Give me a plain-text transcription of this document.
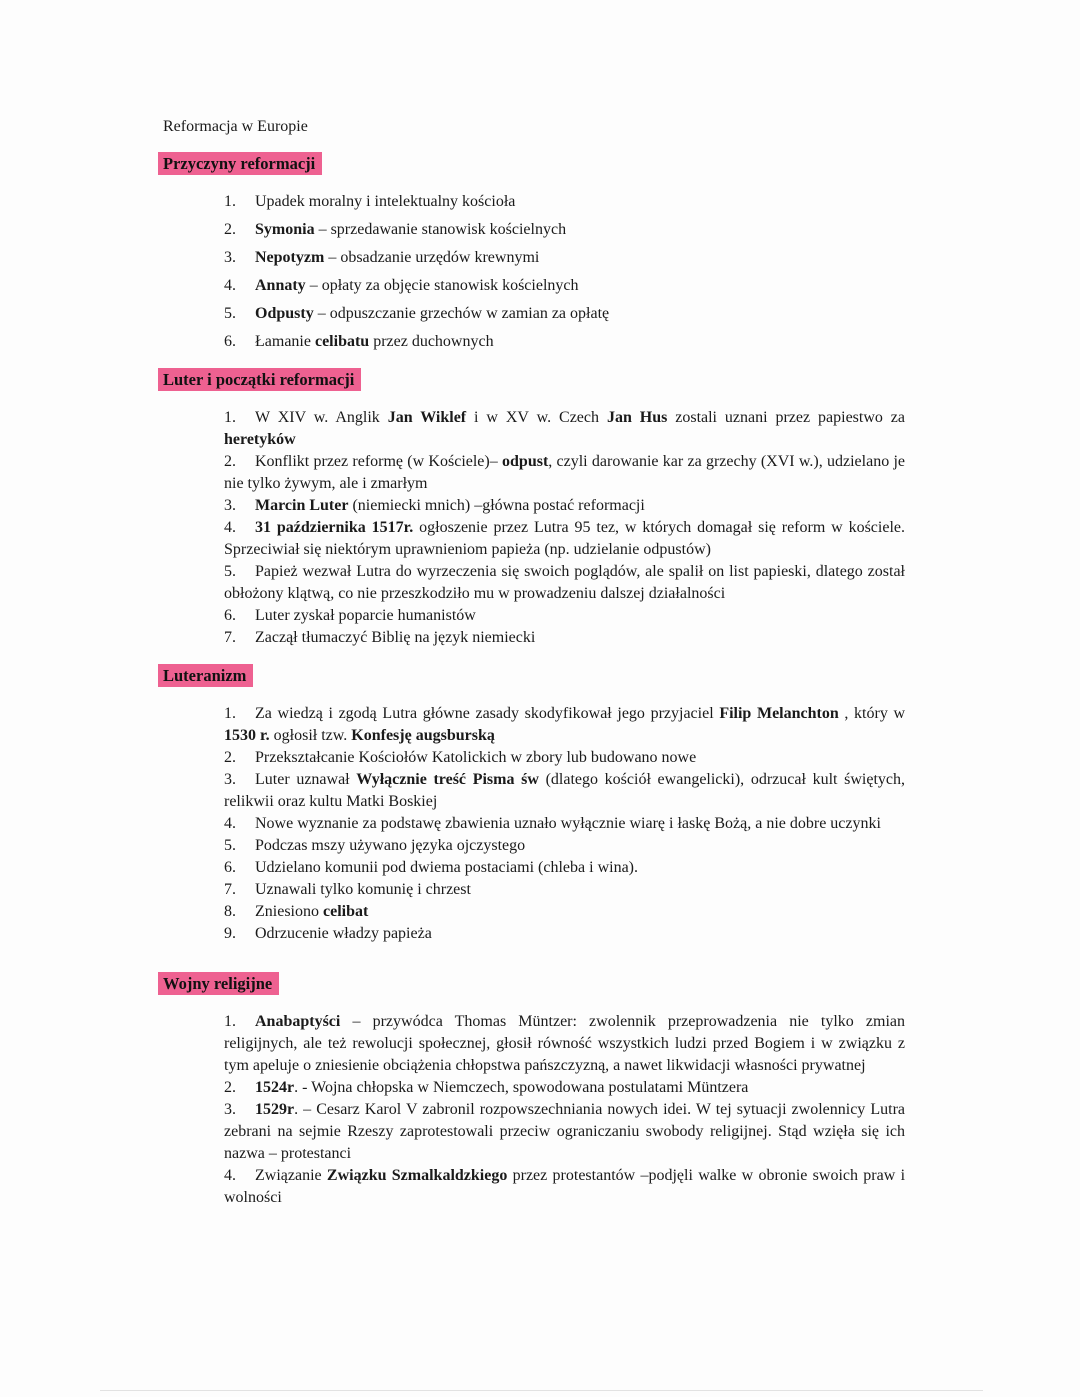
Reformacja w Europie
Przyczyny reformacji
1. Upadek moralny i intelektualny kościoła
2. Symonia – sprzedawanie stanowisk kościelnych
3. Nepotyzm – obsadzanie urzędów krewnymi
4. Annaty – opłaty za objęcie stanowisk kościelnych
5. Odpusty – odpuszczanie grzechów w zamian za opłatę
6. Łamanie celibatu przez duchownych
Luter i początki reformacji
1. W XIV w. Anglik Jan Wiklef i w XV w. Czech Jan Hus zostali uznani przez papiestwo za heretyków
2. Konflikt przez reformę (w Kościele)– odpust, czyli darowanie kar za grzechy (XVI w.), udzielano je nie tylko żywym, ale i zmarłym
3. Marcin Luter (niemiecki mnich) –główna postać reformacji
4. 31 października 1517r. ogłoszenie przez Lutra 95 tez, w których domagał się reform w kościele. Sprzeciwiał się niektórym uprawnieniom papieża (np. udzielanie odpustów)
5. Papież wezwał Lutra do wyrzeczenia się swoich poglądów, ale spalił on list papieski, dlatego został obłożony klątwą, co nie przeszkodziło mu w prowadzeniu dalszej działalności
6. Luter zyskał poparcie humanistów
7. Zaczął tłumaczyć Biblię na język niemiecki
Luteranizm
1. Za wiedzą i zgodą Lutra główne zasady skodyfikował jego przyjaciel Filip Melanchton , który w 1530 r. ogłosił tzw. Konfesję augsburską
2. Przekształcanie Kościołów Katolickich w zbory lub budowano nowe
3. Luter uznawał Wyłącznie treść Pisma św (dlatego kościół ewangelicki), odrzucał kult świętych, relikwii oraz kultu Matki Boskiej
4. Nowe wyznanie za podstawę zbawienia uznało wyłącznie wiarę i łaskę Bożą, a nie dobre uczynki
5. Podczas mszy używano języka ojczystego
6. Udzielano komunii pod dwiema postaciami (chleba i wina).
7. Uznawali tylko komunię i chrzest
8. Zniesiono celibat
9. Odrzucenie władzy papieża
Wojny religijne
1. Anabaptyści – przywódca Thomas Müntzer: zwolennik przeprowadzenia nie tylko zmian religijnych, ale też rewolucji społecznej, głosił równość wszystkich ludzi przed Bogiem i w związku z tym apeluje o zniesienie obciążenia chłopstwa pańszczyzną, a nawet likwidacji własności prywatnej
2. 1524r. - Wojna chłopska w Niemczech, spowodowana postulatami Müntzera
3. 1529r. – Cesarz Karol V zabronil rozpowszechniania nowych idei. W tej sytuacji zwolennicy Lutra zebrani na sejmie Rzeszy zaprotestowali przeciw ograniczaniu swobody religijnej. Stąd wzięła się ich nazwa – protestanci
4. Związanie Związku Szmalkaldzkiego przez protestantów –podjęli walke w obronie swoich praw i wolności
